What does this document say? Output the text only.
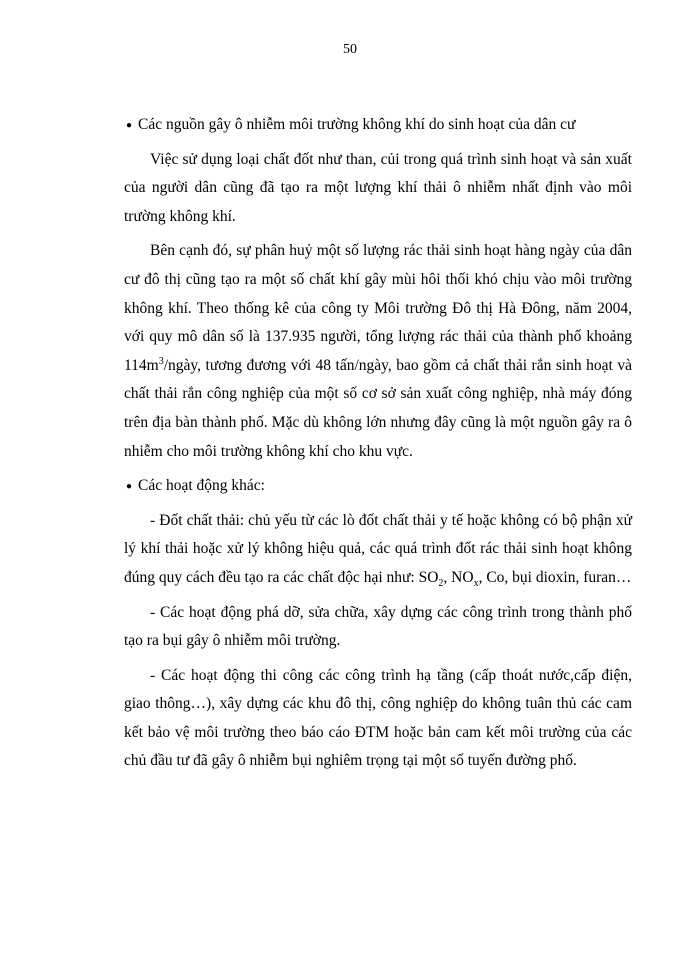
50
● Các nguồn gây ô nhiễm môi trường không khí do sinh hoạt của dân cư

Việc sử dụng loại chất đốt như than, củi trong quá trình sinh hoạt và sản xuất của người dân cũng đã tạo ra một lượng khí thải ô nhiễm nhất định vào môi trường không khí.

Bên cạnh đó, sự phân huỷ một số lượng rác thải sinh hoạt hàng ngày của dân cư đô thị cũng tạo ra một số chất khí gây mùi hôi thối khó chịu vào môi trường không khí. Theo thống kê của công ty Môi trường Đô thị Hà Đông, năm 2004, với quy mô dân số là 137.935 người, tổng lượng rác thải của thành phố khoảng $114m^3$/ngày, tương đương với 48 tấn/ngày, bao gồm cả chất thải rắn sinh hoạt và chất thải rắn công nghiệp của một số cơ sở sản xuất công nghiệp, nhà máy đóng trên địa bàn thành phố. Mặc dù không lớn nhưng đây cũng là một nguồn gây ra ô nhiễm cho môi trường không khí cho khu vực.

● Các hoạt động khác:

- Đốt chất thải: chủ yếu từ các lò đốt chất thải y tế hoặc không có bộ phận xử lý khí thải hoặc xử lý không hiệu quả, các quá trình đốt rác thải sinh hoạt không đúng quy cách đều tạo ra các chất độc hại như: $SO_2$, $NO_x$, Co, bụi dioxin, furan…

- Các hoạt động phá dỡ, sửa chữa, xây dựng các công trình trong thành phố tạo ra bụi gây ô nhiễm môi trường.

- Các hoạt động thi công các công trình hạ tầng (cấp thoát nước,cấp điện, giao thông…), xây dựng các khu đô thị, công nghiệp do không tuân thủ các cam kết bảo vệ môi trường theo báo cáo ĐTM hoặc bản cam kết môi trường của các chủ đầu tư đã gây ô nhiễm bụi nghiêm trọng tại một số tuyến đường phố.
